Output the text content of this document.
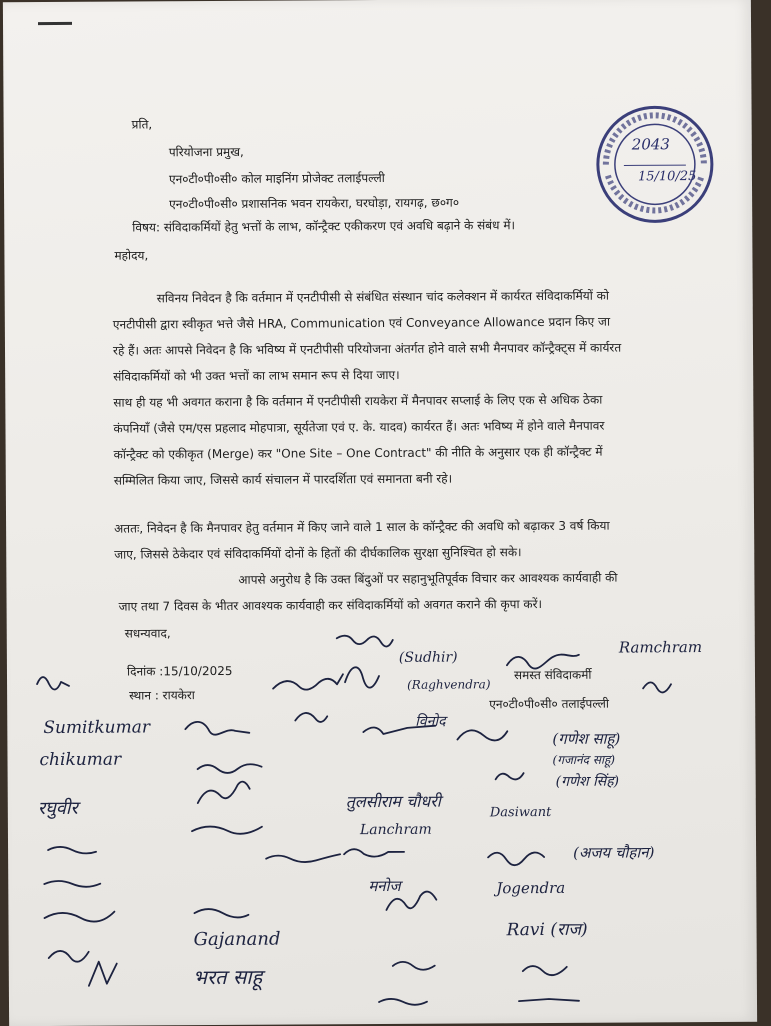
प्रति,
परियोजना प्रमुख,
एन०टी०पी०सी० कोल माइनिंग प्रोजेक्ट तलाईपल्ली
एन०टी०पी०सी० प्रशासनिक भवन रायकेरा, घरघोड़ा, रायगढ़, छ०ग०
विषय: संविदाकर्मियों हेतु भत्तों के लाभ, कॉन्ट्रैक्ट एकीकरण एवं अवधि बढ़ाने के संबंध में।
महोदय,
सविनय निवेदन है कि वर्तमान में एनटीपीसी से संबंधित संस्थान चांद कलेक्शन में कार्यरत संविदाकर्मियों को एनटीपीसी द्वारा स्वीकृत भत्ते जैसे HRA, Communication एवं Conveyance Allowance प्रदान किए जा रहे हैं। अतः आपसे निवेदन है कि भविष्य में एनटीपीसी परियोजना अंतर्गत होने वाले सभी मैनपावर कॉन्ट्रैक्ट्स में कार्यरत संविदाकर्मियों को भी उक्त भत्तों का लाभ समान रूप से दिया जाए।
साथ ही यह भी अवगत कराना है कि वर्तमान में एनटीपीसी रायकेरा में मैनपावर सप्लाई के लिए एक से अधिक ठेका कंपनियाँ (जैसे एम/एस प्रहलाद मोहपात्रा, सूर्यतेजा एवं ए. के. यादव) कार्यरत हैं। अतः भविष्य में होने वाले मैनपावर कॉन्ट्रैक्ट को एकीकृत (Merge) कर "One Site – One Contract" की नीति के अनुसार एक ही कॉन्ट्रैक्ट में सम्मिलित किया जाए, जिससे कार्य संचालन में पारदर्शिता एवं समानता बनी रहे।
अततः, निवेदन है कि मैनपावर हेतु वर्तमान में किए जाने वाले 1 साल के कॉन्ट्रैक्ट की अवधि को बढ़ाकर 3 वर्ष किया जाए, जिससे ठेकेदार एवं संविदाकर्मियों दोनों के हितों की दीर्घकालिक सुरक्षा सुनिश्चित हो सके।
आपसे अनुरोध है कि उक्त बिंदुओं पर सहानुभूतिपूर्वक विचार कर आवश्यक कार्यवाही की जाए तथा 7 दिवस के भीतर आवश्यक कार्यवाही कर संविदाकर्मियों को अवगत कराने की कृपा करें।
सधन्यवाद,
दिनांक :15/10/2025
स्थान : रायकेरा
समस्त संविदाकर्मी
एन०टी०पी०सी० तलाईपल्ली
2043
15/10/25
(Sudhir)
Ramchram
(Raghvendra)
Sumitkumar
chikumar
विनोद
(गणेश साहू)
(गजानंद साहू)
(गणेश सिंह)
रघुवीर	तुलसीराम चौधरी
Lanchram
Dasiwant
(अजय चौहान)
मनोज	Jogendra
Gajanand
भरत साहू
Ravi (राज)
